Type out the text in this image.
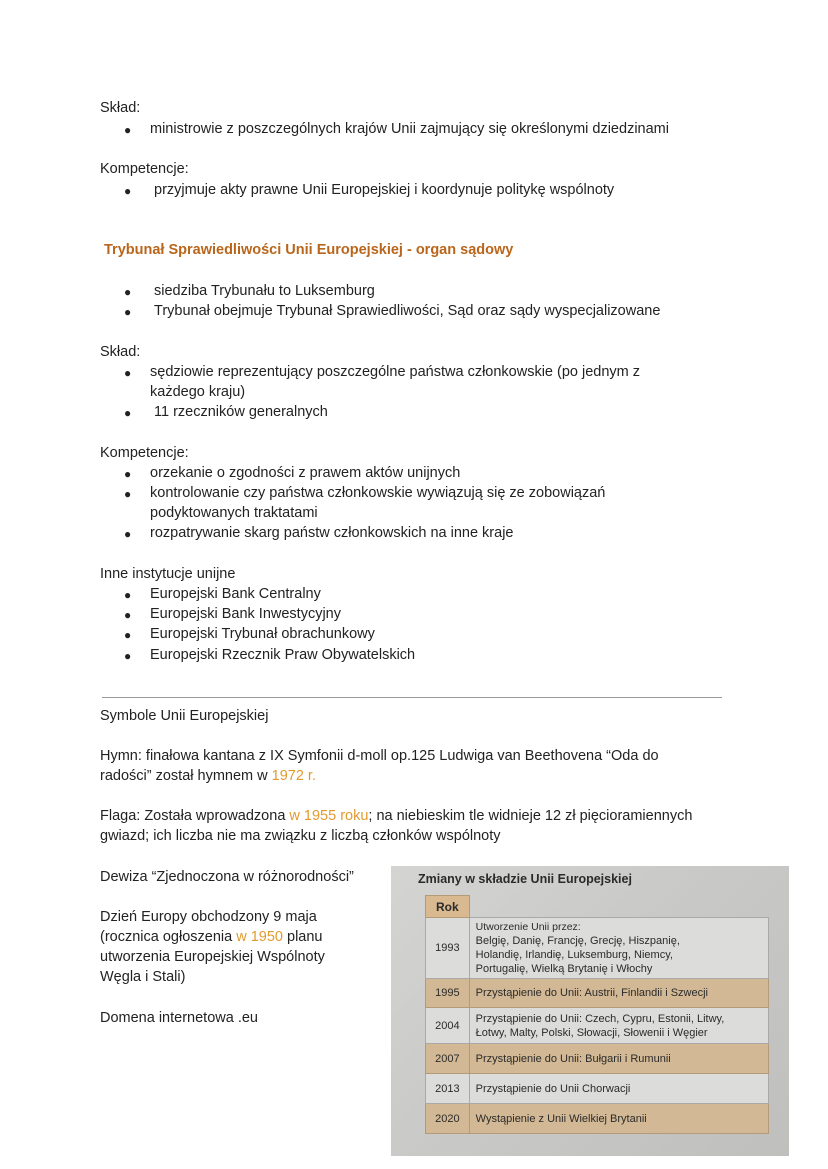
Skład:
● ministrowie z poszczególnych krajów Unii zajmujący się określonymi dziedzinami
Kompetencje:
● przyjmuje akty prawne Unii Europejskiej i koordynuje politykę wspólnoty
Trybunał Sprawiedliwości Unii Europejskiej - organ sądowy
● siedziba Trybunału to Luksemburg
● Trybunał obejmuje Trybunał Sprawiedliwości, Sąd oraz sądy wyspecjalizowane
Skład:
● sędziowie reprezentujący poszczególne państwa członkowskie (po jednym z
każdego kraju)
● 11 rzeczników generalnych
Kompetencje:
● orzekanie o zgodności z prawem aktów unijnych
● kontrolowanie czy państwa członkowskie wywiązują się ze zobowiązań
podyktowanych traktatami
● rozpatrywanie skarg państw członkowskich na inne kraje
Inne instytucje unijne
● Europejski Bank Centralny
● Europejski Bank Inwestycyjny
● Europejski Trybunał obrachunkowy
● Europejski Rzecznik Praw Obywatelskich
Symbole Unii Europejskiej
Hymn: finałowa kantana z IX Symfonii d-moll op.125 Ludwiga van Beethovena “Oda do
radości” został hymnem w 1972 r.
Flaga: Została wprowadzona w 1955 roku; na niebieskim tle widnieje 12 zł pięcioramiennych
gwiazd; ich liczba nie ma związku z liczbą członków wspólnoty
Dewiza “Zjednoczona w różnorodności”
Dzień Europy obchodzony 9 maja
(rocznica ogłoszenia w 1950 planu
utworzenia Europejskiej Wspólnoty
Węgla i Stali)
Domena internetowa .eu
Zmiany w składzie Unii Europejskiej
Rok	
1993	Utworzenie Unii przez:
Belgię, Danię, Francję, Grecję, Hiszpanię,
Holandię, Irlandię, Luksemburg, Niemcy,
Portugalię, Wielką Brytanię i Włochy

1995	Przystąpienie do Unii: Austrii, Finlandii i Szwecji

2004	Przystąpienie do Unii: Czech, Cypru, Estonii, Litwy,
Łotwy, Malty, Polski, Słowacji, Słowenii i Węgier

2007	Przystąpienie do Unii: Bułgarii i Rumunii

2013	Przystąpienie do Unii Chorwacji

2020	Wystąpienie z Unii Wielkiej Brytanii
